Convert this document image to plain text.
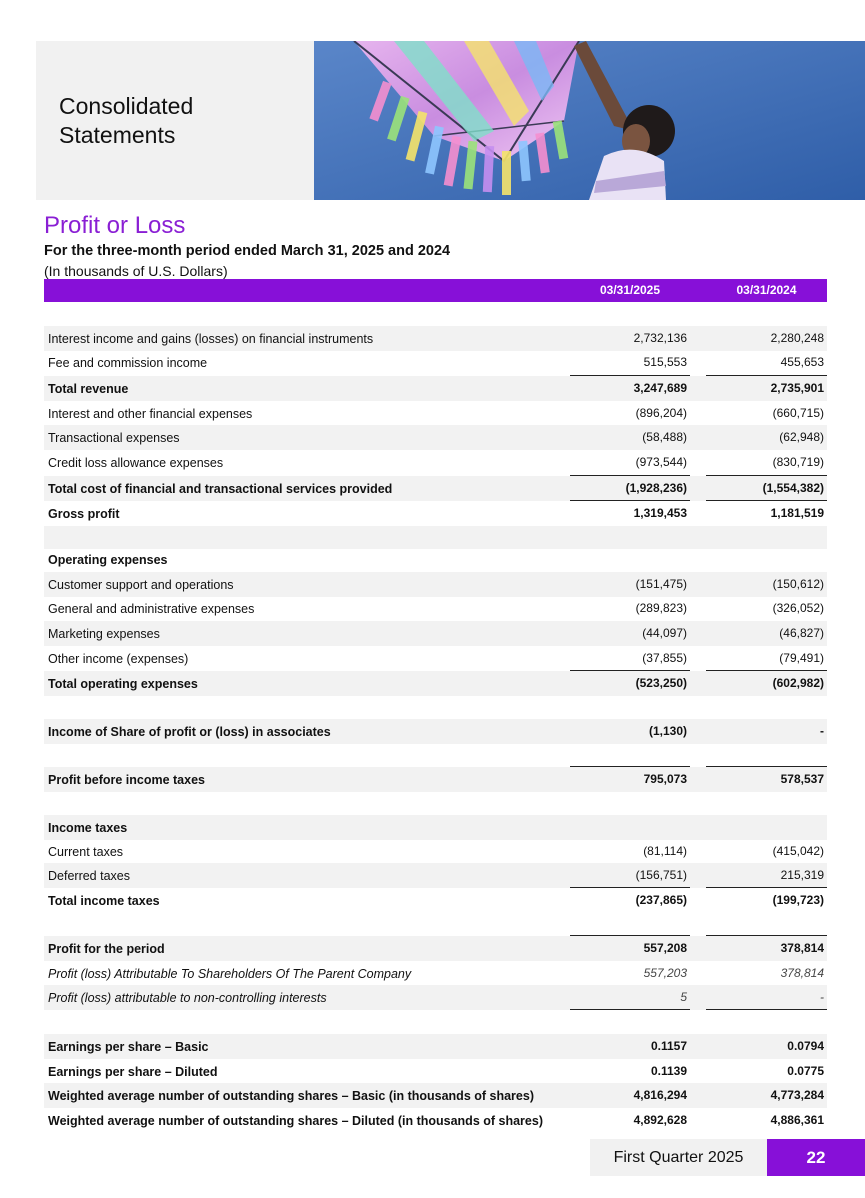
Consolidated
Statements
Profit or Loss
For the three-month period ended March 31, 2025 and 2024
(In thousands of U.S. Dollars)
03/31/2025	03/31/2024
Interest income and gains (losses) on financial instruments	2,732,136	2,280,248
Fee and commission income	515,553	455,653
Total revenue	3,247,689	2,735,901
Interest and other financial expenses	(896,204)	(660,715)
Transactional expenses	(58,488)	(62,948)
Credit loss allowance expenses	(973,544)	(830,719)
Total cost of financial and transactional services provided	(1,928,236)	(1,554,382)
Gross profit	1,319,453	1,181,519
Operating expenses
Customer support and operations	(151,475)	(150,612)
General and administrative expenses	(289,823)	(326,052)
Marketing expenses	(44,097)	(46,827)
Other income (expenses)	(37,855)	(79,491)
Total operating expenses	(523,250)	(602,982)
Income of Share of profit or (loss) in associates	(1,130)	-
Profit before income taxes	795,073	578,537
Income taxes
Current taxes	(81,114)	(415,042)
Deferred taxes	(156,751)	215,319
Total income taxes	(237,865)	(199,723)
Profit for the period	557,208	378,814
Profit (loss) Attributable To Shareholders Of The Parent Company	557,203	378,814
Profit (loss) attributable to non-controlling interests	5	-
Earnings per share – Basic	0.1157	0.0794
Earnings per share – Diluted	0.1139	0.0775
Weighted average number of outstanding shares – Basic (in thousands of shares)	4,816,294	4,773,284
Weighted average number of outstanding shares – Diluted (in thousands of shares)	4,892,628	4,886,361
First Quarter 2025	22
